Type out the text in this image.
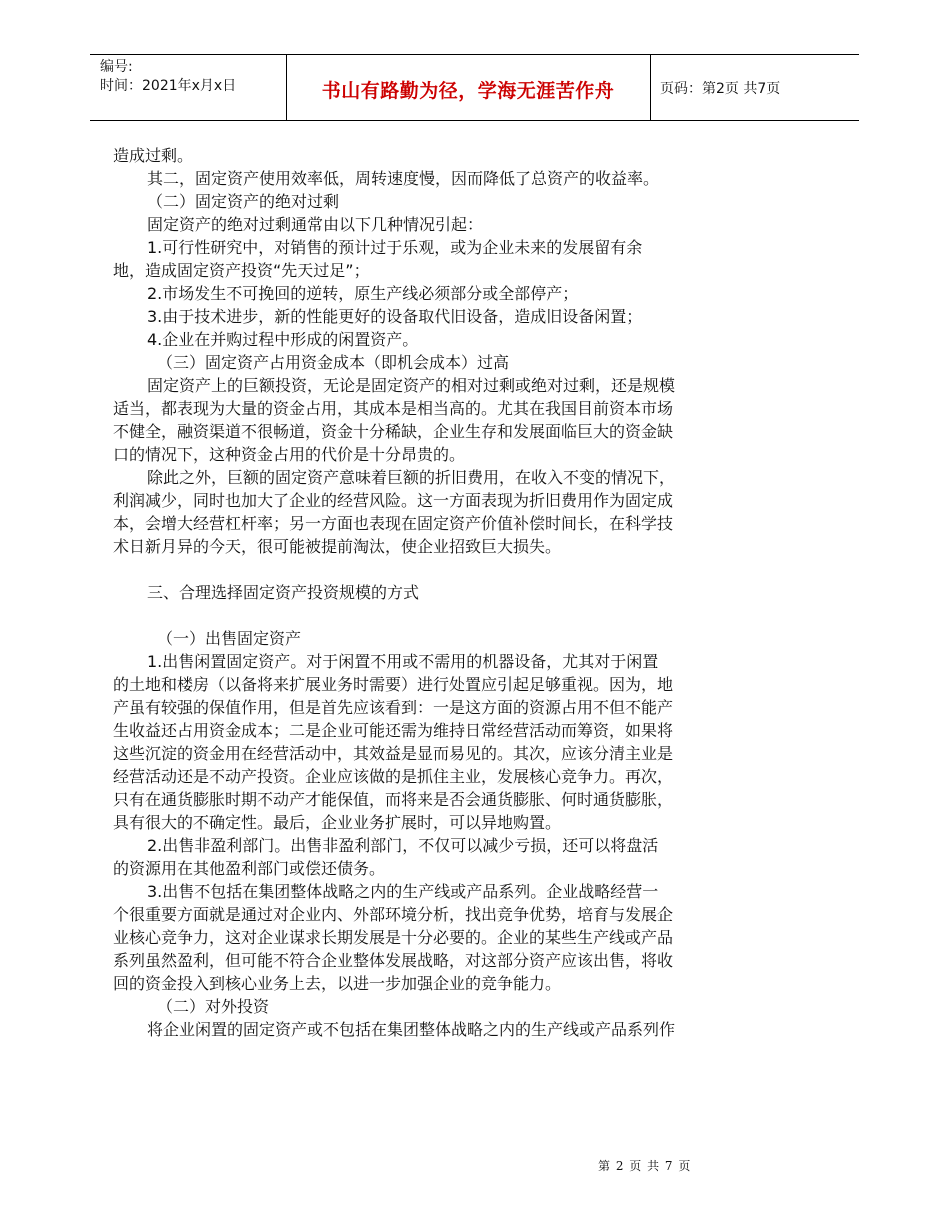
编号:
时间：2021年x月x日	书山有路勤为径，学海无涯苦作舟	页码：第2页 共7页

造成过剩。

其二，固定资产使用效率低，周转速度慢，因而降低了总资产的收益率。

（二）固定资产的绝对过剩

固定资产的绝对过剩通常由以下几种情况引起：

1.可行性研究中，对销售的预计过于乐观，或为企业未来的发展留有余

地，造成固定资产投资“先天过足”；

2.市场发生不可挽回的逆转，原生产线必须部分或全部停产；

3.由于技术进步，新的性能更好的设备取代旧设备，造成旧设备闲置；

4.企业在并购过程中形成的闲置资产。

（三）固定资产占用资金成本（即机会成本）过高

固定资产上的巨额投资，无论是固定资产的相对过剩或绝对过剩，还是规模

适当，都表现为大量的资金占用，其成本是相当高的。尤其在我国目前资本市场

不健全，融资渠道不很畅道，资金十分稀缺，企业生存和发展面临巨大的资金缺

口的情况下，这种资金占用的代价是十分昂贵的。

除此之外，巨额的固定资产意味着巨额的折旧费用，在收入不变的情况下，

利润减少，同时也加大了企业的经营风险。这一方面表现为折旧费用作为固定成

本，会增大经营杠杆率；另一方面也表现在固定资产价值补偿时间长，在科学技

术日新月异的今天，很可能被提前淘汰，使企业招致巨大损失。

三、合理选择固定资产投资规模的方式

（一）出售固定资产

1.出售闲置固定资产。对于闲置不用或不需用的机器设备，尤其对于闲置

的土地和楼房（以备将来扩展业务时需要）进行处置应引起足够重视。因为，地

产虽有较强的保值作用，但是首先应该看到：一是这方面的资源占用不但不能产

生收益还占用资金成本；二是企业可能还需为维持日常经营活动而筹资，如果将

这些沉淀的资金用在经营活动中，其效益是显而易见的。其次，应该分清主业是

经营活动还是不动产投资。企业应该做的是抓住主业，发展核心竞争力。再次，

只有在通货膨胀时期不动产才能保值，而将来是否会通货膨胀、何时通货膨胀，

具有很大的不确定性。最后，企业业务扩展时，可以异地购置。

2.出售非盈利部门。出售非盈利部门，不仅可以减少亏损，还可以将盘活

的资源用在其他盈利部门或偿还债务。

3.出售不包括在集团整体战略之内的生产线或产品系列。企业战略经营一

个很重要方面就是通过对企业内、外部环境分析，找出竞争优势，培育与发展企

业核心竞争力，这对企业谋求长期发展是十分必要的。企业的某些生产线或产品

系列虽然盈利，但可能不符合企业整体发展战略，对这部分资产应该出售，将收

回的资金投入到核心业务上去，以进一步加强企业的竞争能力。

（二）对外投资

将企业闲置的固定资产或不包括在集团整体战略之内的生产线或产品系列作

第 2 页 共 7 页
